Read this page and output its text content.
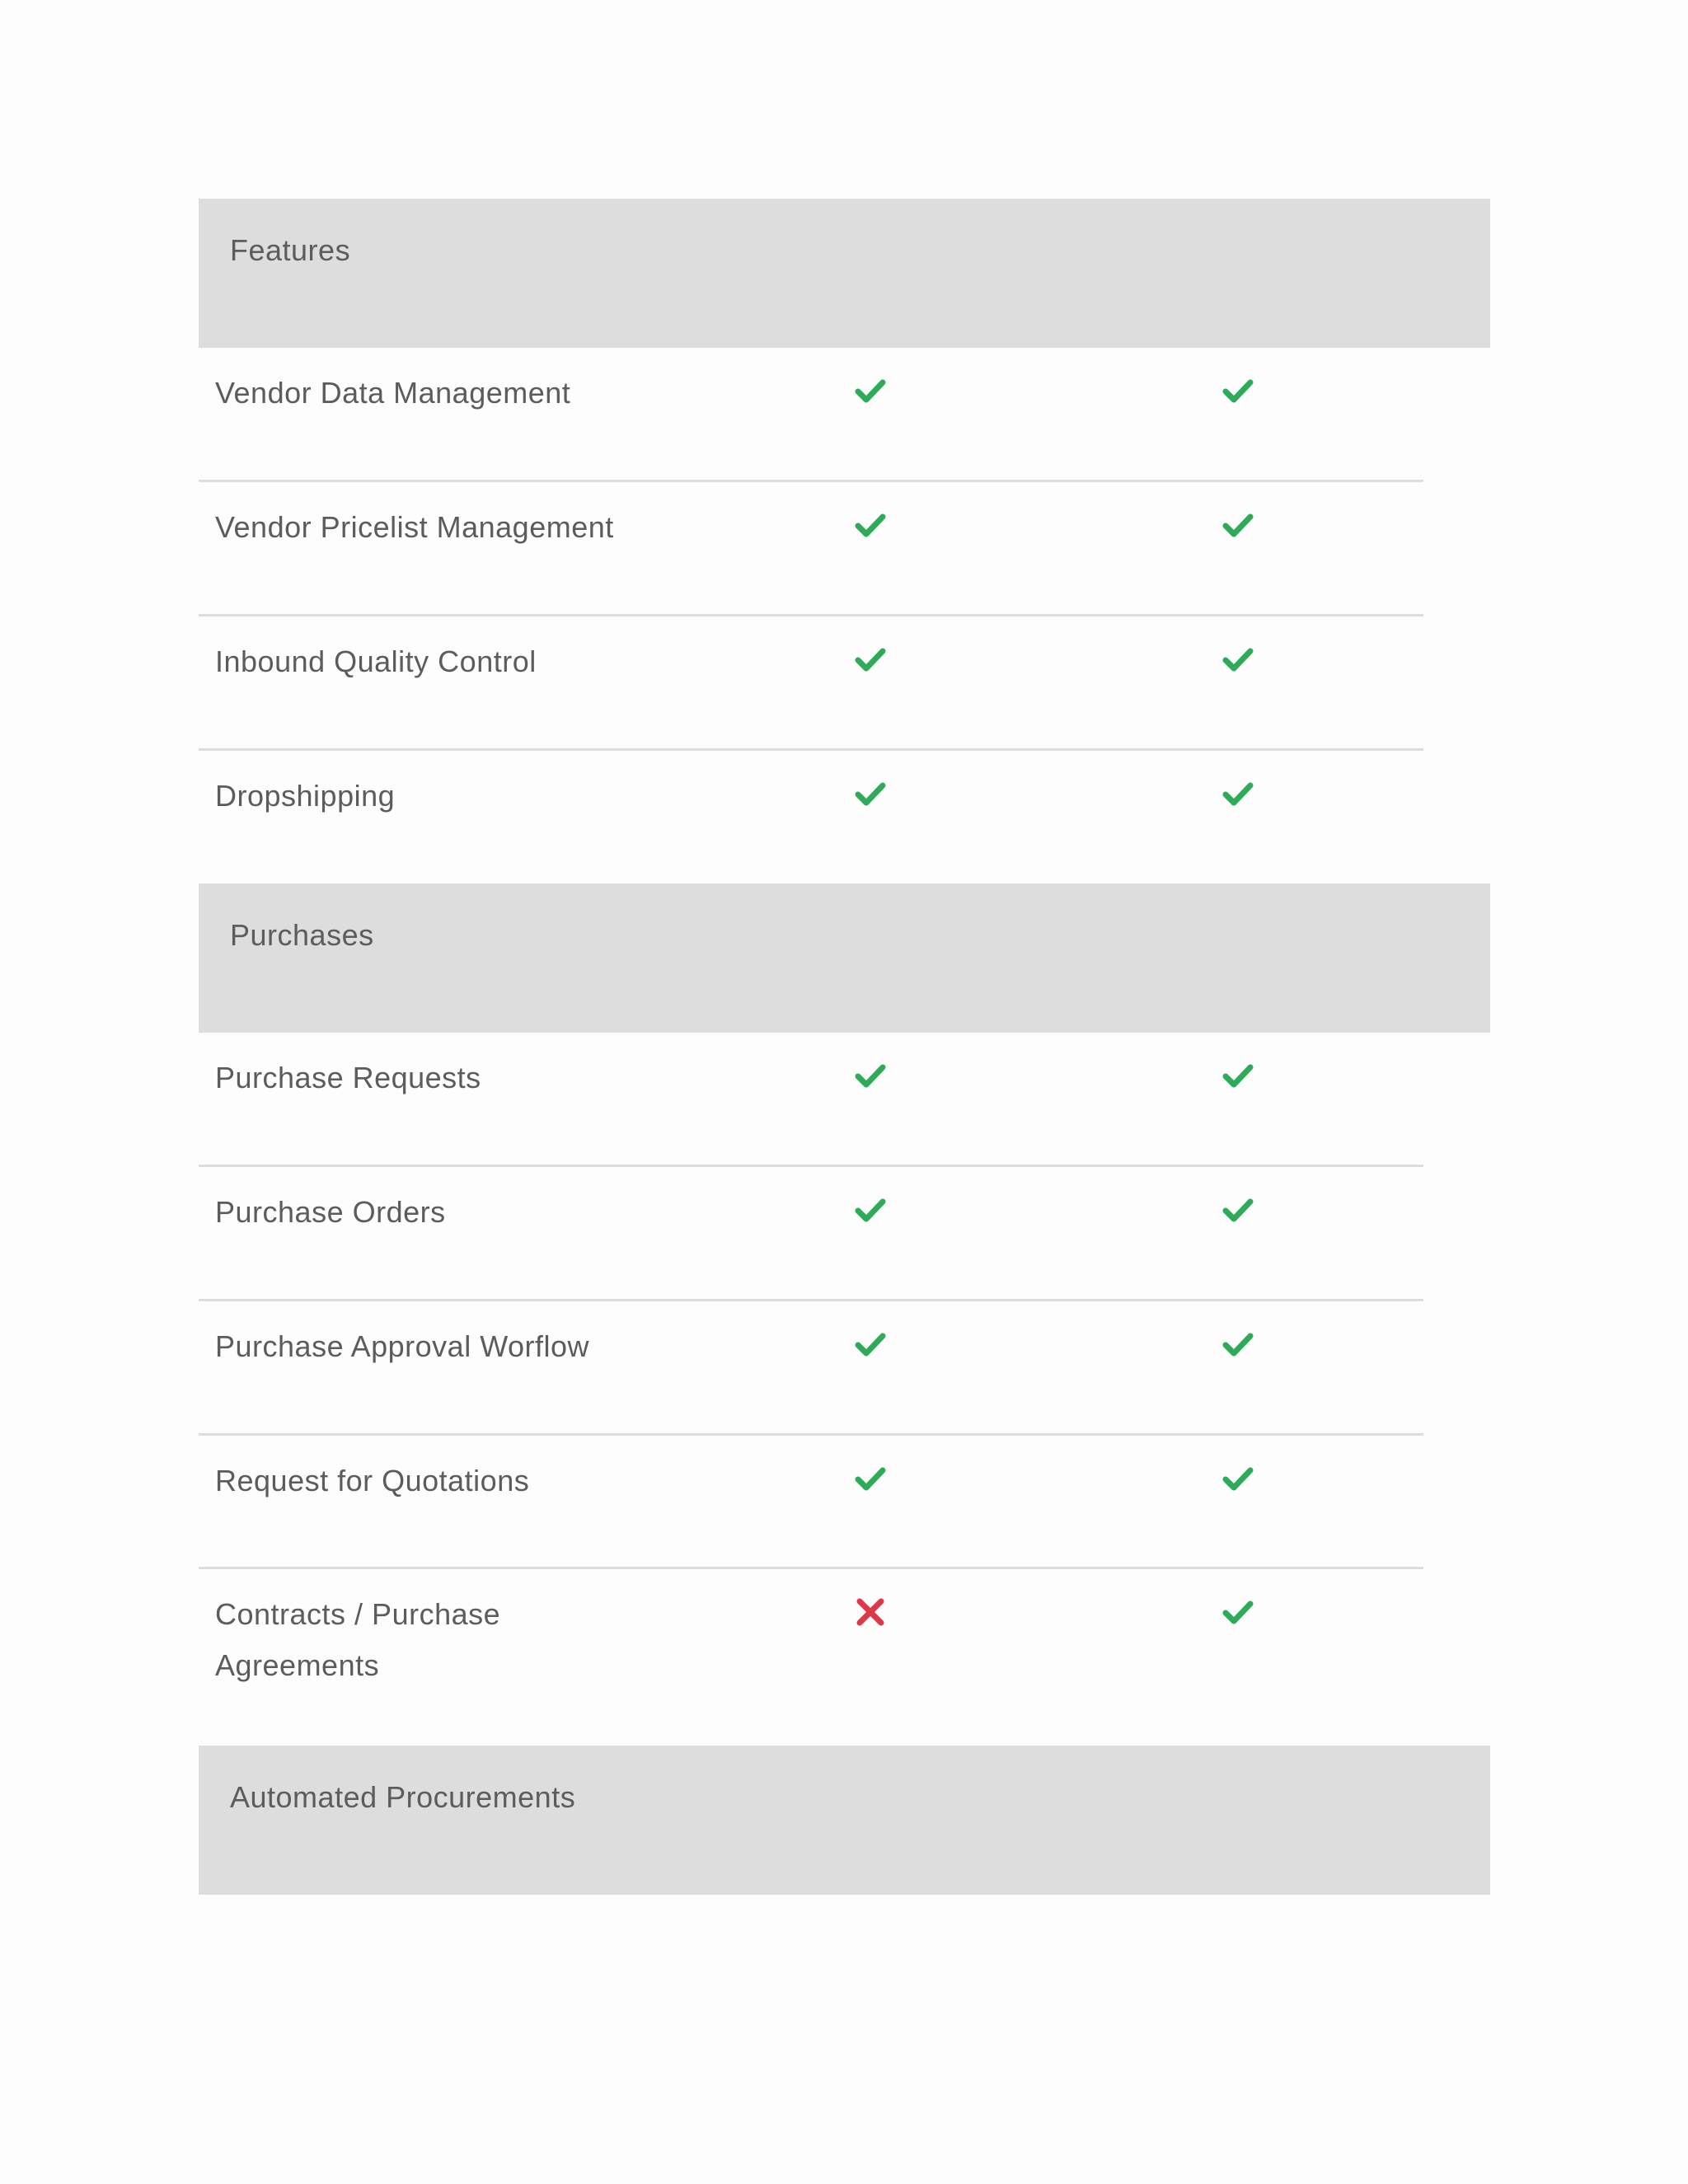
Features
Vendor Data Management
Vendor Pricelist Management
Inbound Quality Control
Dropshipping
Purchases
Purchase Requests
Purchase Orders
Purchase Approval Worflow
Request for Quotations
Contracts / Purchase Agreements
Automated Procurements
